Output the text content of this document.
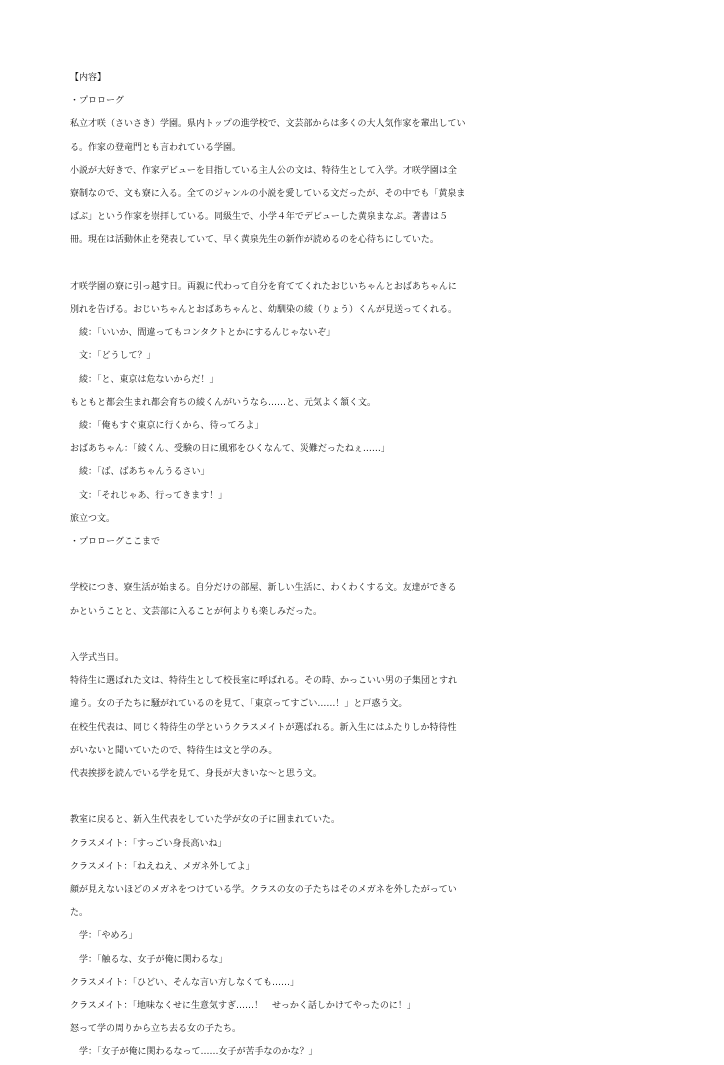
【内容】
・プロローグ
私立才咲（さいさき）学園。県内トップの進学校で、文芸部からは多くの大人気作家を輩出してい
る。作家の登竜門とも言われている学園。
小説が大好きで、作家デビューを目指している主人公の文は、特待生として入学。才咲学園は全
寮制なので、文も寮に入る。全てのジャンルの小説を愛している文だったが、その中でも「黄泉ま
ぱぶ」という作家を崇拝している。同級生で、小学４年でデビューした黄泉まなぶ。著書は５
冊。現在は活動休止を発表していて、早く黄泉先生の新作が読めるのを心待ちにしていた。
才咲学園の寮に引っ越す日。両親に代わって自分を育ててくれたおじいちゃんとおばあちゃんに
別れを告げる。おじいちゃんとおばあちゃんと、幼馴染の綾（りょう）くんが見送ってくれる。
　綾：「いいか、間違ってもコンタクトとかにするんじゃないぞ」
　文：「どうして？」
　綾：「と、東京は危ないからだ！」
もともと都会生まれ都会育ちの綾くんがいうなら……と、元気よく頷く文。
　綾：「俺もすぐ東京に行くから、待ってろよ」
おばあちゃん：「綾くん、受験の日に風邪をひくなんて、災難だったねぇ……」
　綾：「ば、ばあちゃんうるさい」
　文：「それじゃあ、行ってきます！」
旅立つ文。
・プロローグここまで
学校につき、寮生活が始まる。自分だけの部屋、新しい生活に、わくわくする文。友達ができる
かということと、文芸部に入ることが何よりも楽しみだった。
入学式当日。
特待生に選ばれた文は、特待生として校長室に呼ばれる。その時、かっこいい男の子集団とすれ
違う。女の子たちに騒がれているのを見て、「東京ってすごい……！」と戸惑う文。
在校生代表は、同じく特待生の学というクラスメイトが選ばれる。新入生にはふたりしか特待性
がいないと聞いていたので、特待生は文と学のみ。
代表挨拶を読んでいる学を見て、身長が大きいな～と思う文。
教室に戻ると、新入生代表をしていた学が女の子に囲まれていた。
クラスメイト：「すっごい身長高いね」
クラスメイト：「ねえねえ、メガネ外してよ」
顔が見えないほどのメガネをつけている学。クラスの女の子たちはそのメガネを外したがってい
た。
　学：「やめろ」
　学：「触るな、女子が俺に関わるな」
クラスメイト：「ひどい、そんな言い方しなくても……」
クラスメイト：「地味なくせに生意気すぎ……！　せっかく話しかけてやったのに！」
怒って学の周りから立ち去る女の子たち。
　学：「女子が俺に関わるなって……女子が苦手なのかな？」
